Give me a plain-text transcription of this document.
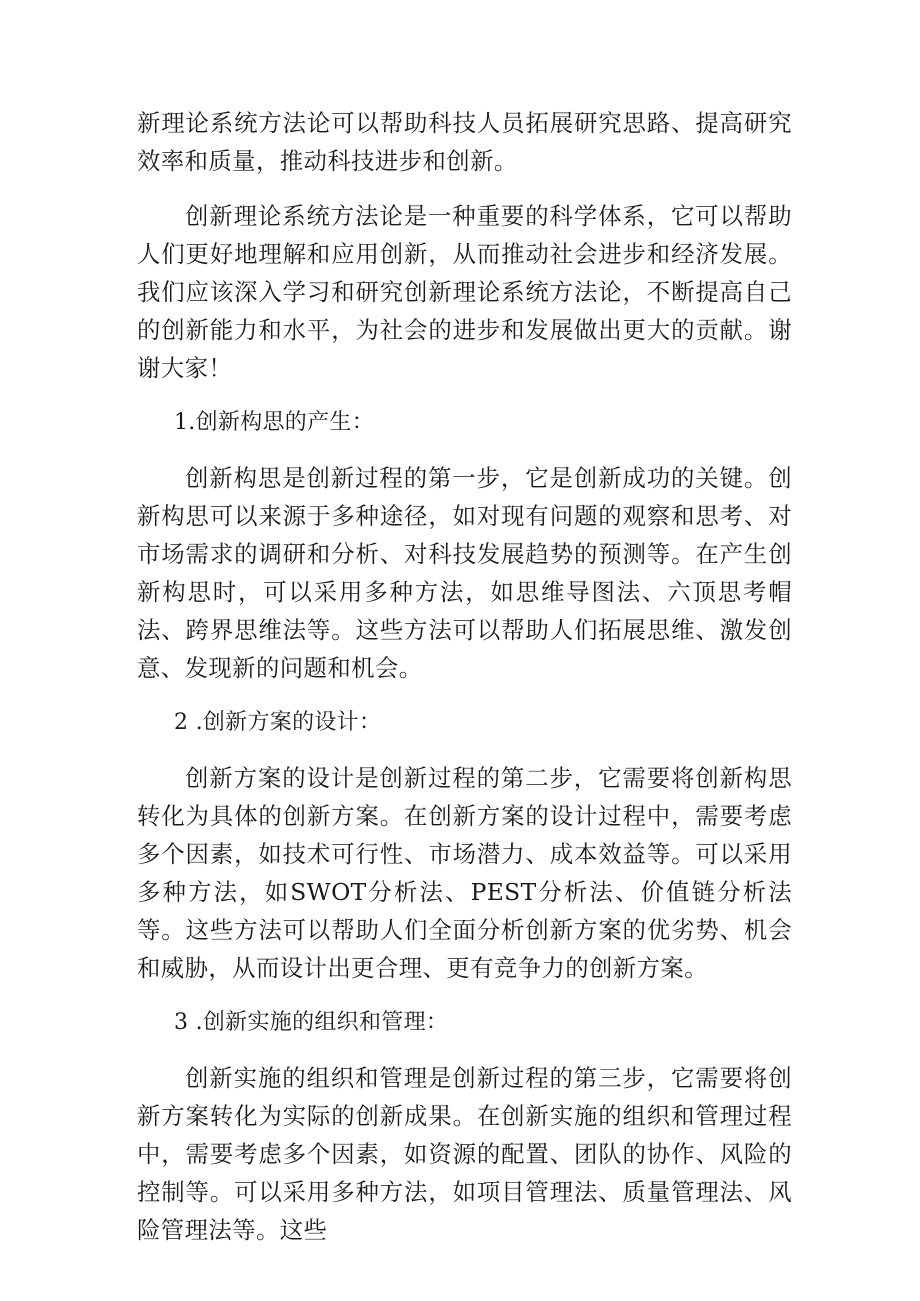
新理论系统方法论可以帮助科技人员拓展研究思路、提高研究效率和质量，推动科技进步和创新。

创新理论系统方法论是一种重要的科学体系，它可以帮助人们更好地理解和应用创新，从而推动社会进步和经济发展。我们应该深入学习和研究创新理论系统方法论，不断提高自己的创新能力和水平，为社会的进步和发展做出更大的贡献。谢谢大家！

1.创新构思的产生：

创新构思是创新过程的第一步，它是创新成功的关键。创新构思可以来源于多种途径，如对现有问题的观察和思考、对市场需求的调研和分析、对科技发展趋势的预测等。在产生创新构思时，可以采用多种方法，如思维导图法、六顶思考帽法、跨界思维法等。这些方法可以帮助人们拓展思维、激发创意、发现新的问题和机会。

2 .创新方案的设计：

创新方案的设计是创新过程的第二步，它需要将创新构思转化为具体的创新方案。在创新方案的设计过程中，需要考虑多个因素，如技术可行性、市场潜力、成本效益等。可以采用多种方法，如SWOT分析法、PEST分析法、价值链分析法等。这些方法可以帮助人们全面分析创新方案的优劣势、机会和威胁，从而设计出更合理、更有竞争力的创新方案。

3 .创新实施的组织和管理：

创新实施的组织和管理是创新过程的第三步，它需要将创新方案转化为实际的创新成果。在创新实施的组织和管理过程中，需要考虑多个因素，如资源的配置、团队的协作、风险的控制等。可以采用多种方法，如项目管理法、质量管理法、风险管理法等。这些
